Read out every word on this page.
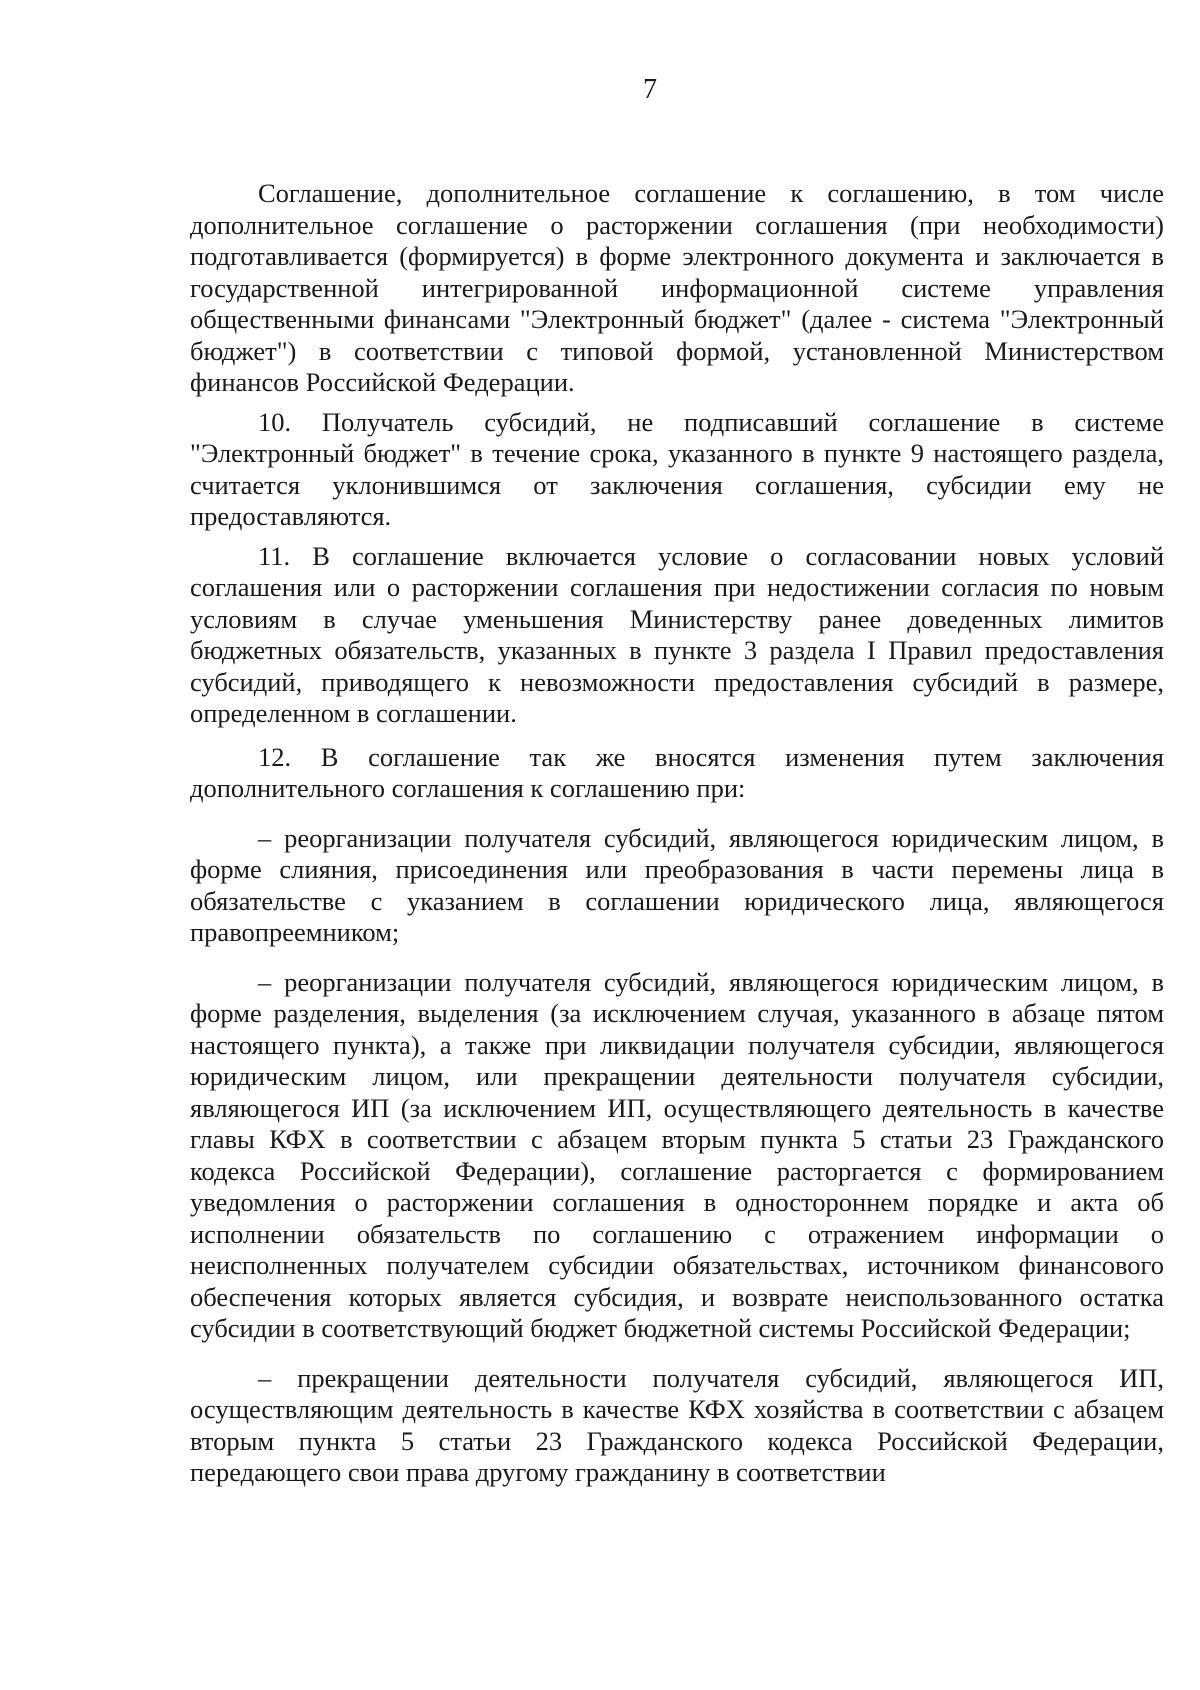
7

Соглашение, дополнительное соглашение к соглашению, в том числе дополнительное соглашение о расторжении соглашения (при необходимости) подготавливается (формируется) в форме электронного документа и заключается в государственной интегрированной информационной системе управления общественными финансами "Электронный бюджет" (далее - система "Электронный бюджет") в соответствии с типовой формой, установленной Министерством финансов Российской Федерации.

10. Получатель субсидий, не подписавший соглашение в системе "Электронный бюджет" в течение срока, указанного в пункте 9 настоящего раздела, считается уклонившимся от заключения соглашения, субсидии ему не предоставляются.

11. В соглашение включается условие о согласовании новых условий соглашения или о расторжении соглашения при недостижении согласия по новым условиям в случае уменьшения Министерству ранее доведенных лимитов бюджетных обязательств, указанных в пункте 3 раздела I Правил предоставления субсидий, приводящего к невозможности предоставления субсидий в размере, определенном в соглашении.

12. В соглашение так же вносятся изменения путем заключения дополнительного соглашения к соглашению при:

– реорганизации получателя субсидий, являющегося юридическим лицом, в форме слияния, присоединения или преобразования в части перемены лица в обязательстве с указанием в соглашении юридического лица, являющегося правопреемником;

– реорганизации получателя субсидий, являющегося юридическим лицом, в форме разделения, выделения (за исключением случая, указанного в абзаце пятом настоящего пункта), а также при ликвидации получателя субсидии, являющегося юридическим лицом, или прекращении деятельности получателя субсидии, являющегося ИП (за исключением ИП, осуществляющего деятельность в качестве главы КФХ в соответствии с абзацем вторым пункта 5 статьи 23 Гражданского кодекса Российской Федерации), соглашение расторгается с формированием уведомления о расторжении соглашения в одностороннем порядке и акта об исполнении обязательств по соглашению с отражением информации о неисполненных получателем субсидии обязательствах, источником финансового обеспечения которых является субсидия, и возврате неиспользованного остатка субсидии в соответствующий бюджет бюджетной системы Российской Федерации;

– прекращении деятельности получателя субсидий, являющегося ИП, осуществляющим деятельность в качестве КФХ хозяйства в соответствии с абзацем вторым пункта 5 статьи 23 Гражданского кодекса Российской Федерации, передающего свои права другому гражданину в соответствии
